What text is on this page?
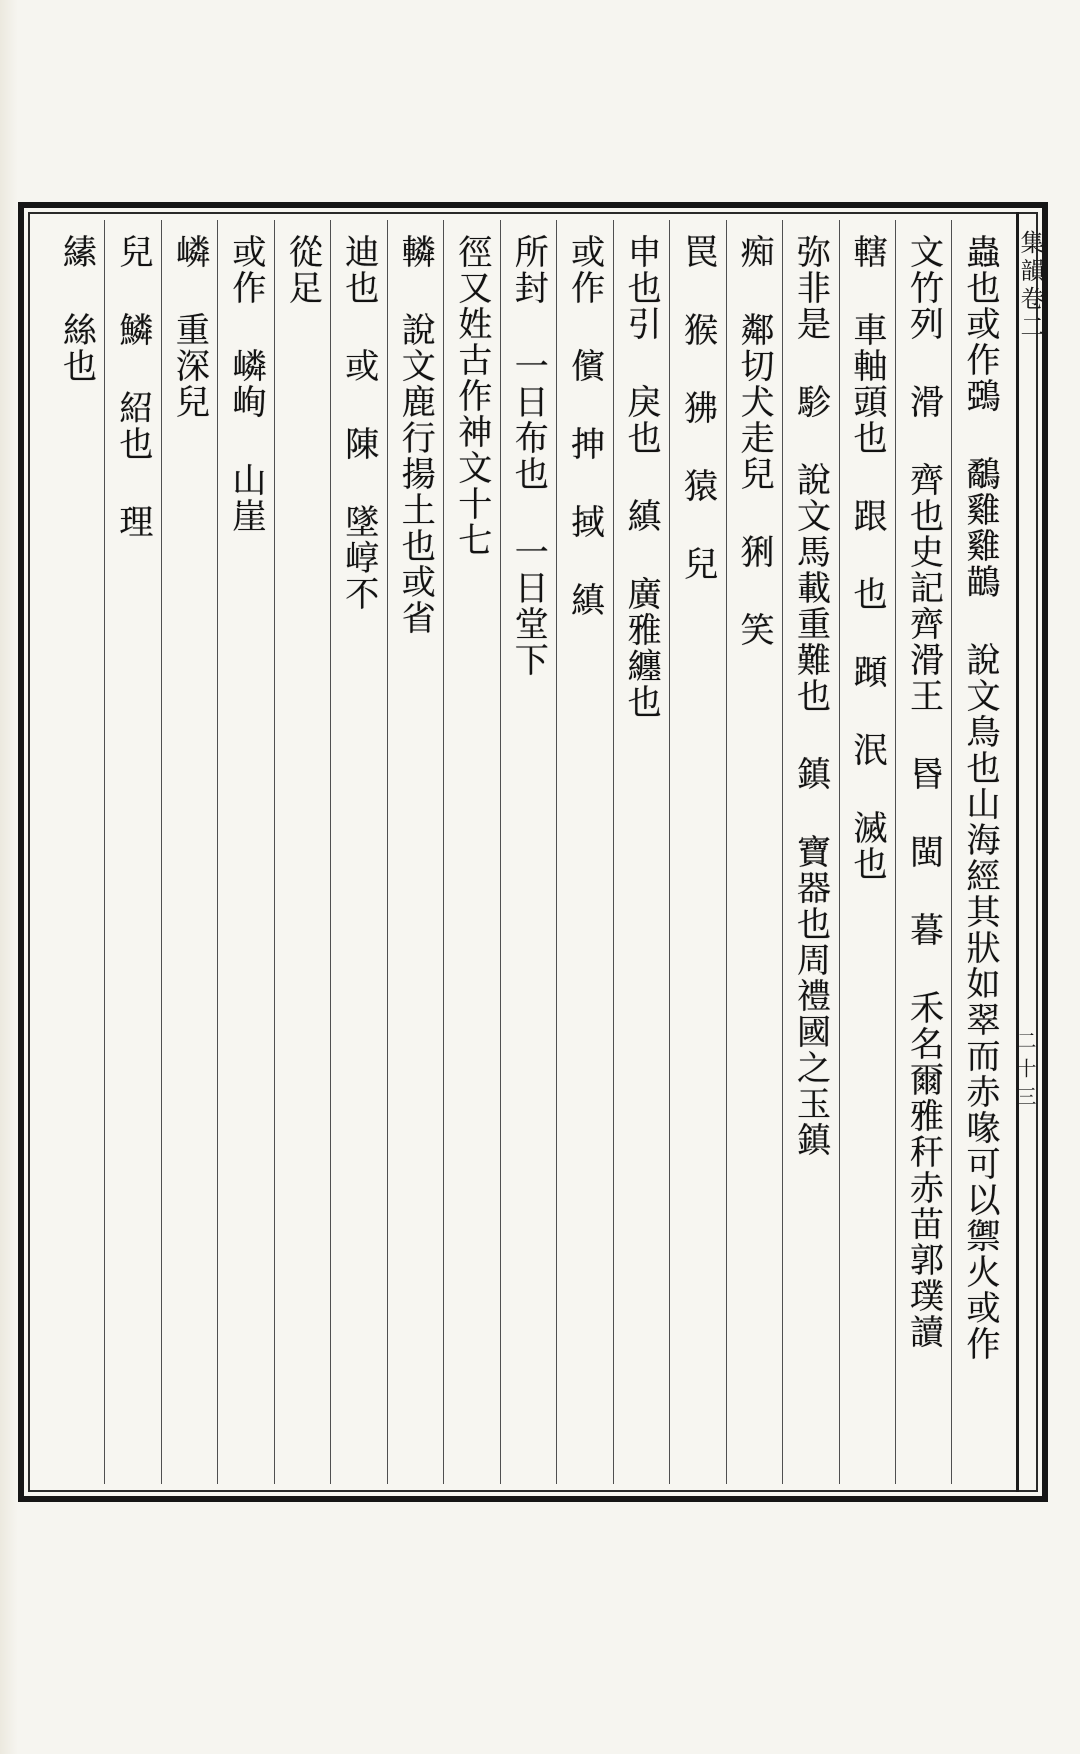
集韻卷二
二十三
蟲也或作鵶 鷸雞雞鶓 說文鳥也山海經其狀如翠而赤喙可以禦火或作
文竹列 滑 齊也史記齊滑王 昬 閩 暮 禾名爾雅秆赤苗郭璞讀
轄 車軸頭也 跟 也 蹞 泯 滅也
弥非是 駗 說文馬載重難也 鎮 寶器也周禮國之玉鎮
痴 鄰切犬走兒 猁 笑
罠 猴 狒 猿 兒
申也引 戾也 縝 廣雅纏也
或作 儐 抻 掝 縝
所封 一日布也 一日堂下
徑又姓古作神文十七
轔 說文鹿行揚土也或省
迪也 或 陳 墜崞不
從足
或作 嶙峋 山崖
嶙 重深兒
兒 鱗 紹也 理
縤 絲也
